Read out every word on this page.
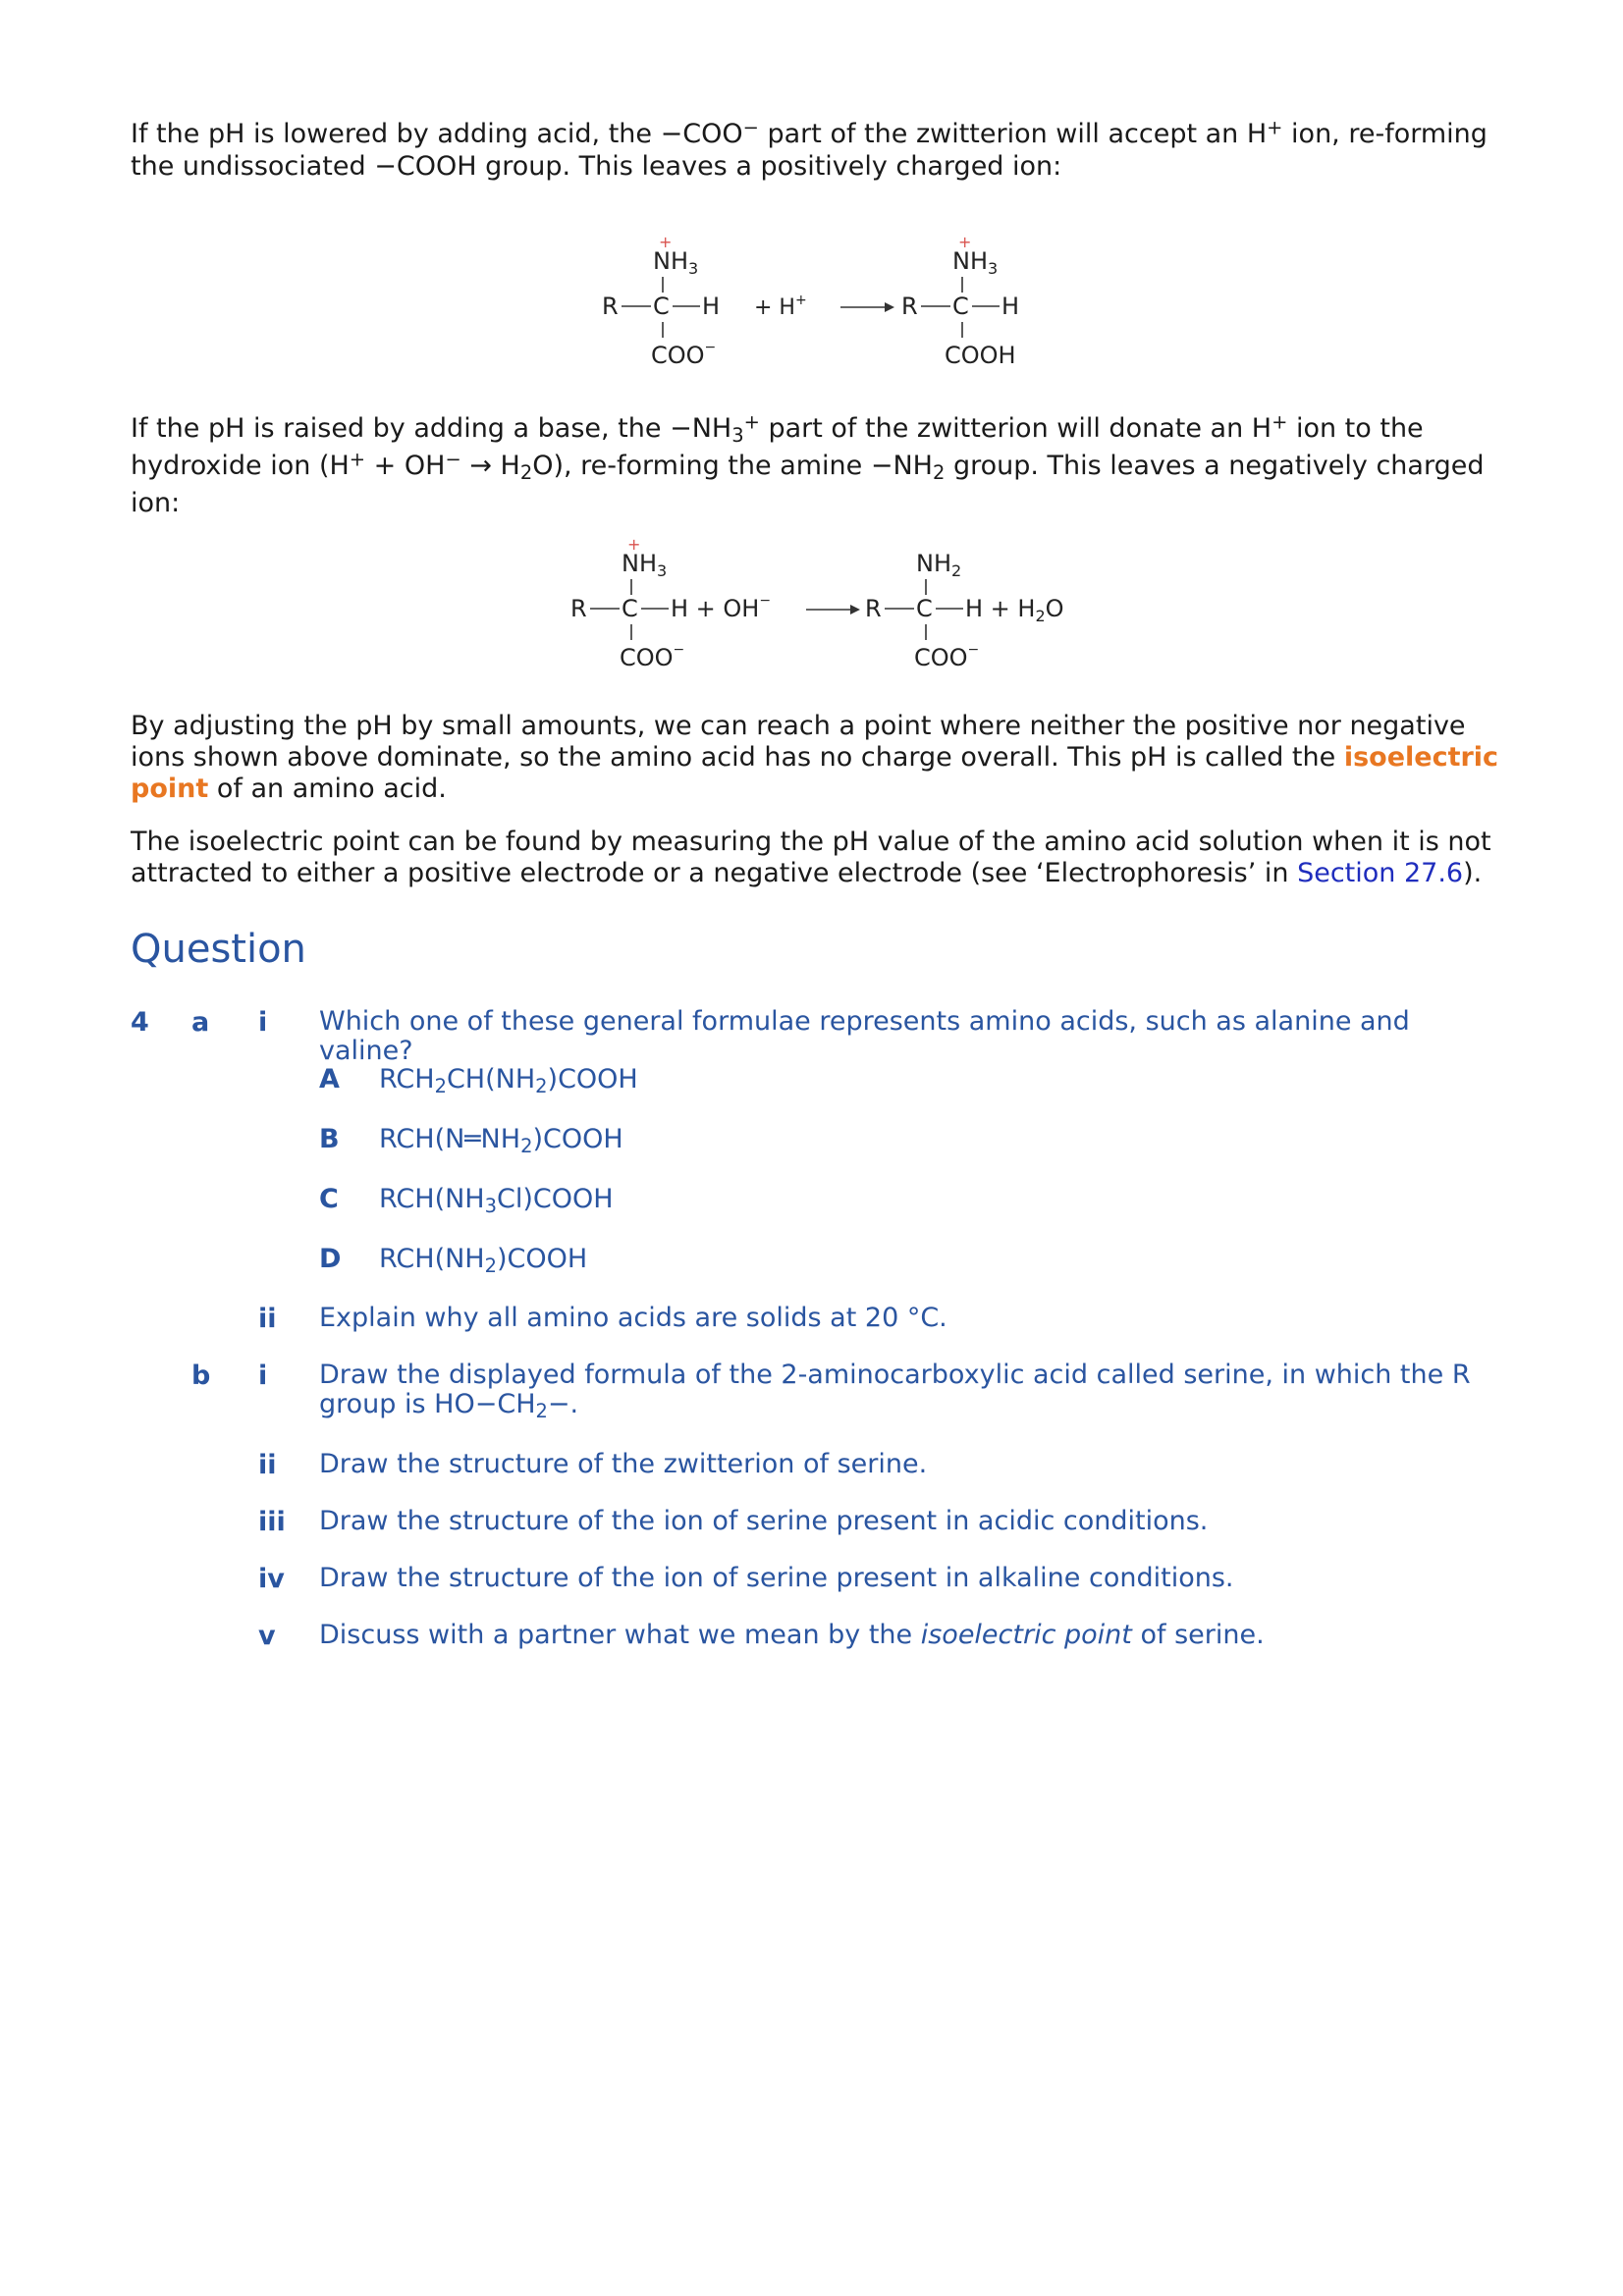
If the pH is lowered by adding acid, the −COO− part of the zwitterion will accept an H+ ion, re-forming the undissociated −COOH group. This leaves a positively charged ion:

+
$NH_3$
R C H
COO−
+ H+
+
$NH_3$
R C H
COOH

If the pH is raised by adding a base, the $-NH_3^+$ part of the zwitterion will donate an H+ ion to the hydroxide ion $(H^+ + OH^- \to H_2O)$, re-forming the $amine -NH_2$ group. This leaves a negatively charged ion:

+
$NH_3$
R C H + OH−
$NH_2$
R C $H + H_2O$
COO−	COO−

By adjusting the pH by small amounts, we can reach a point where neither the positive nor negative ions shown above dominate, so the amino acid has no charge overall. This pH is called the isoelectric point of an amino acid.

The isoelectric point can be found by measuring the pH value of the amino acid solution when it is not attracted to either a positive electrode or a negative electrode (see ‘Electrophoresis’ in Section 27.6).

Question
4 a i Which one of these general formulae represents amino acids, such as alanine and valine?
A $RCH_2CH(NH_2)COOH$
B $RCH(N═NH_2)COOH$
C $RCH(NH_3Cl)COOH$
D $RCH(NH_2)COOH$
ii Explain why all amino acids are solids at 20 °C.
b i Draw the displayed formula of the 2-aminocarboxylic acid called serine, in which the R group is $HO-CH_2-$.
ii Draw the structure of the zwitterion of serine.
iii Draw the structure of the ion of serine present in acidic conditions.
iv Draw the structure of the ion of serine present in alkaline conditions.
v Discuss with a partner what we mean by the isoelectric point of serine.
